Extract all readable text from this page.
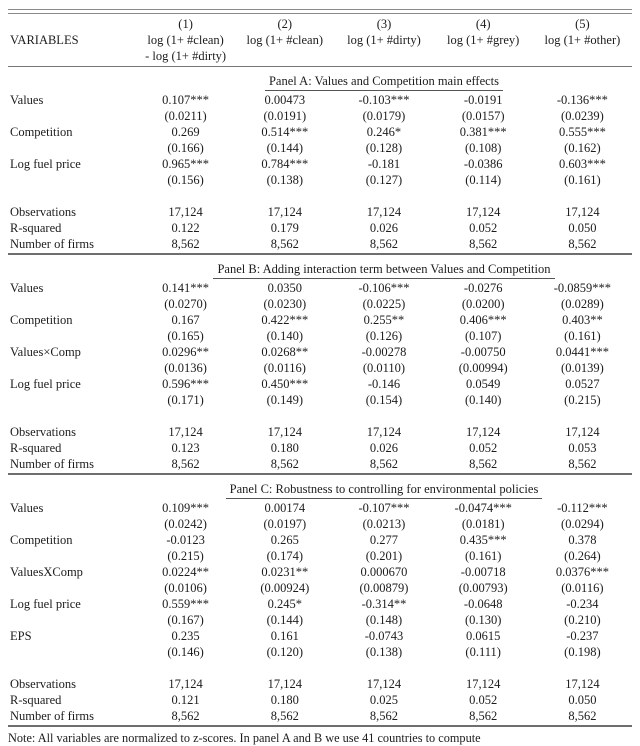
(1)	(2)	(3)	(4)	(5)
VARIABLES	log (1+ #clean)	log (1+ #clean)	log (1+ #dirty)	log (1+ #grey)	log (1+ #other)
- log (1+ #dirty)
Panel A: Values and Competition main effects
Values	0.107***	0.00473	-0.103***	-0.0191	-0.136***
(0.0211)	(0.0191)	(0.0179)	(0.0157)	(0.0239)
Competition	0.269	0.514***	0.246*	0.381***	0.555***
(0.166)	(0.144)	(0.128)	(0.108)	(0.162)
Log fuel price	0.965***	0.784***	-0.181	-0.0386	0.603***
(0.156)	(0.138)	(0.127)	(0.114)	(0.161)
Observations	17,124	17,124	17,124	17,124	17,124
R-squared	0.122	0.179	0.026	0.052	0.050
Number of firms	8,562	8,562	8,562	8,562	8,562
Panel B: Adding interaction term between Values and Competition
Values	0.141***	0.0350	-0.106***	-0.0276	-0.0859***
(0.0270)	(0.0230)	(0.0225)	(0.0200)	(0.0289)
Competition	0.167	0.422***	0.255**	0.406***	0.403**
(0.165)	(0.140)	(0.126)	(0.107)	(0.161)
Values×Comp	0.0296**	0.0268**	-0.00278	-0.00750	0.0441***
(0.0136)	(0.0116)	(0.0110)	(0.00994)	(0.0139)
Log fuel price	0.596***	0.450***	-0.146	0.0549	0.0527
(0.171)	(0.149)	(0.154)	(0.140)	(0.215)
Observations	17,124	17,124	17,124	17,124	17,124
R-squared	0.123	0.180	0.026	0.052	0.053
Number of firms	8,562	8,562	8,562	8,562	8,562
Panel C: Robustness to controlling for environmental policies
Values	0.109***	0.00174	-0.107***	-0.0474***	-0.112***
(0.0242)	(0.0197)	(0.0213)	(0.0181)	(0.0294)
Competition	-0.0123	0.265	0.277	0.435***	0.378
(0.215)	(0.174)	(0.201)	(0.161)	(0.264)
ValuesXComp	0.0224**	0.0231**	0.000670	-0.00718	0.0376***
(0.0106)	(0.00924)	(0.00879)	(0.00793)	(0.0116)
Log fuel price	0.559***	0.245*	-0.314**	-0.0648	-0.234
(0.167)	(0.144)	(0.148)	(0.130)	(0.210)
EPS	0.235	0.161	-0.0743	0.0615	-0.237
(0.146)	(0.120)	(0.138)	(0.111)	(0.198)
Observations	17,124	17,124	17,124	17,124	17,124
R-squared	0.121	0.180	0.025	0.052	0.050
Number of firms	8,562	8,562	8,562	8,562	8,562
Note: All variables are normalized to z-scores. In panel A and B we use 41 countries to compute
